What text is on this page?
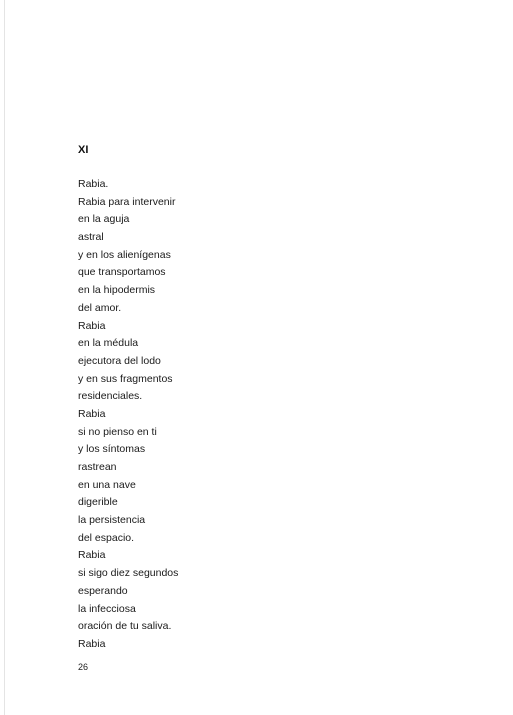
XI
Rabia.
Rabia para intervenir
en la aguja
astral
y en los alienígenas
que transportamos
en la hipodermis
del amor.
Rabia
en la médula
ejecutora del lodo
y en sus fragmentos
residenciales.
Rabia
si no pienso en ti
y los síntomas
rastrean
en una nave
digerible
la persistencia
del espacio.
Rabia
si sigo diez segundos
esperando
la infecciosa
oración de tu saliva.
Rabia
26
